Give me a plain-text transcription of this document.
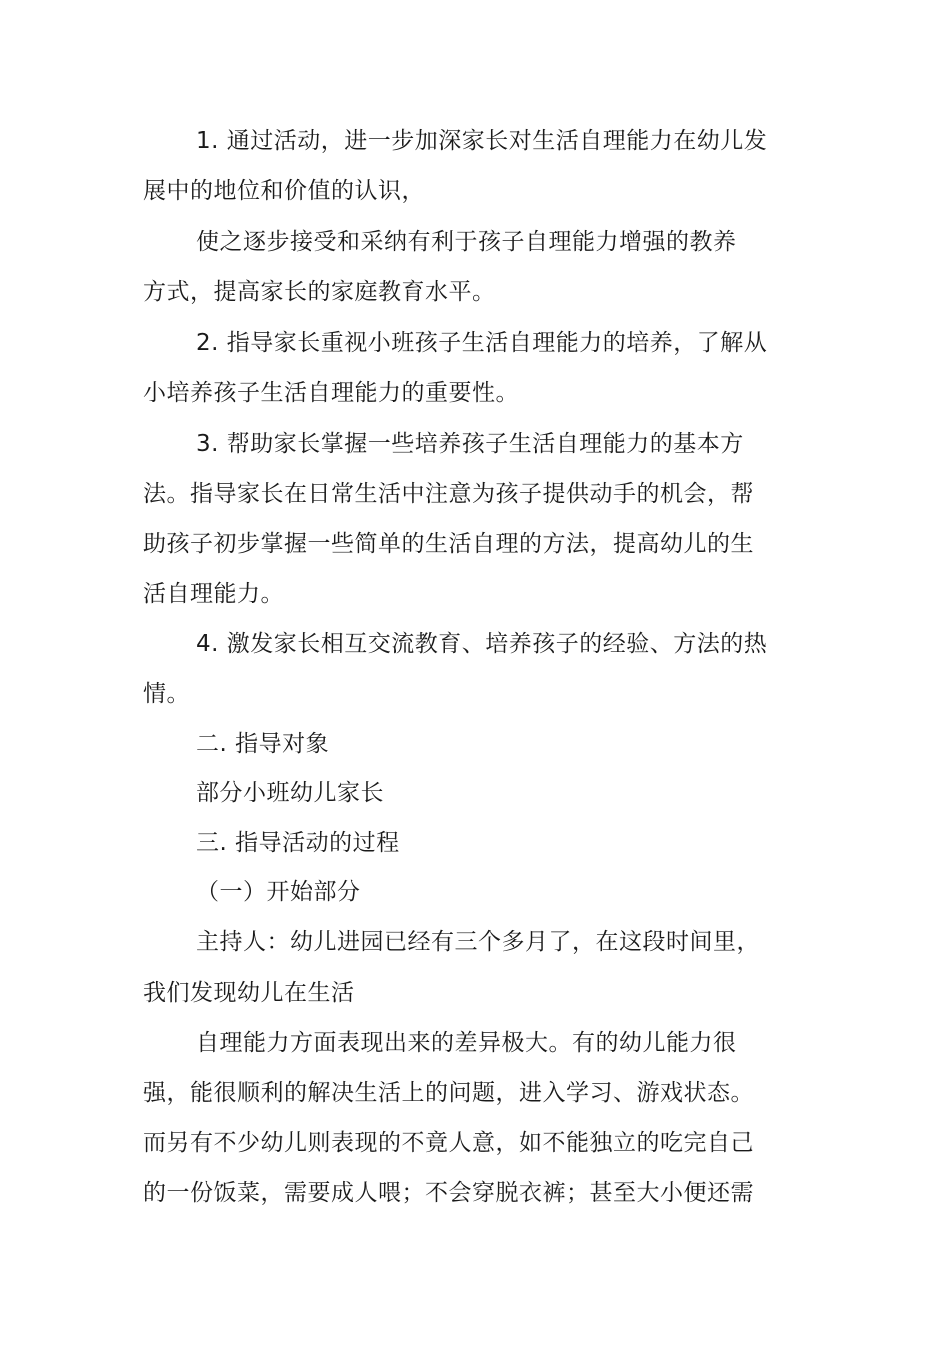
1. 通过活动，进一步加深家长对生活自理能力在幼儿发
展中的地位和价值的认识，
使之逐步接受和采纳有利于孩子自理能力增强的教养
方式，提高家长的家庭教育水平。
2. 指导家长重视小班孩子生活自理能力的培养，了解从
小培养孩子生活自理能力的重要性。
3. 帮助家长掌握一些培养孩子生活自理能力的基本方
法。指导家长在日常生活中注意为孩子提供动手的机会，帮
助孩子初步掌握一些简单的生活自理的方法，提高幼儿的生
活自理能力。
4. 激发家长相互交流教育、培养孩子的经验、方法的热
情。
二. 指导对象
部分小班幼儿家长
三. 指导活动的过程
（一）开始部分
主持人：幼儿进园已经有三个多月了，在这段时间里，
我们发现幼儿在生活
自理能力方面表现出来的差异极大。有的幼儿能力很
强，能很顺利的解决生活上的问题，进入学习、游戏状态。
而另有不少幼儿则表现的不竟人意，如不能独立的吃完自己
的一份饭菜，需要成人喂；不会穿脱衣裤；甚至大小便还需
